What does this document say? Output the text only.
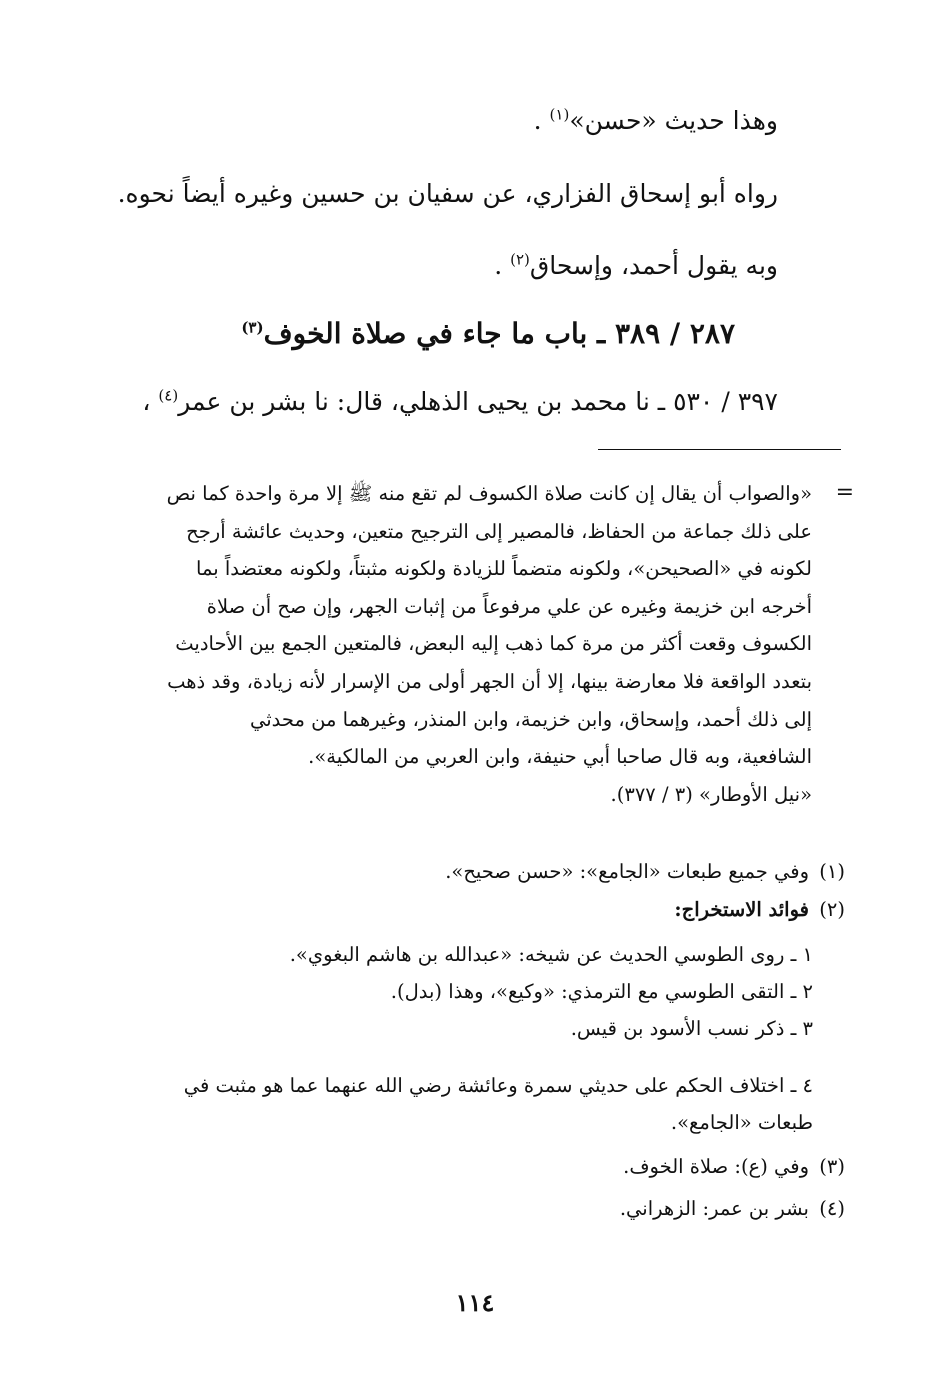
وهذا حديث «حسن»$^{(١)}$ .
رواه أبو إسحاق الفزاري، عن سفيان بن حسين وغيره أيضاً نحوه.
وبه يقول أحمد، وإسحاق$^{(٢)}$ .
٢٨٧ / ٣٨٩ ـ باب ما جاء في صلاة الخوف$^{(٣)}$
٣٩٧ / ٥٣٠ ـ نا محمد بن يحيى الذهلي، قال: نا بشر بن عمر$^{(٤)}$ ،
=
«والصواب أن يقال إن كانت صلاة الكسوف لم تقع منه ﷺ إلا مرة واحدة كما نص
على ذلك جماعة من الحفاظ، فالمصير إلى الترجيح متعين، وحديث عائشة أرجح
لكونه في «الصحيحن»، ولكونه متضماً للزيادة ولكونه مثبتاً، ولكونه معتضداً بما
أخرجه ابن خزيمة وغيره عن علي مرفوعاً من إثبات الجهر، وإن صح أن صلاة
الكسوف وقعت أكثر من مرة كما ذهب إليه البعض، فالمتعين الجمع بين الأحاديث
بتعدد الواقعة فلا معارضة بينها، إلا أن الجهر أولى من الإسرار لأنه زيادة، وقد ذهب
إلى ذلك أحمد، وإسحاق، وابن خزيمة، وابن المنذر، وغيرهما من محدثي
الشافعية، وبه قال صاحبا أبي حنيفة، وابن العربي من المالكية».
«نيل الأوطار» (٣ / ٣٧٧).
(١)وفي جميع طبعات «الجامع»: «حسن صحيح».
(٢)فوائد الاستخراج:
١ ـ روى الطوسي الحديث عن شيخه: «عبدالله بن هاشم البغوي».
٢ ـ التقى الطوسي مع الترمذي: «وكيع»، وهذا (بدل).
٣ ـ ذكر نسب الأسود بن قيس.
٤ ـ اختلاف الحكم على حديثي سمرة وعائشة رضي الله عنهما عما هو مثبت في
طبعات «الجامع».
(٣)وفي (ع): صلاة الخوف.
(٤)بشر بن عمر: الزهراني.
١١٤
